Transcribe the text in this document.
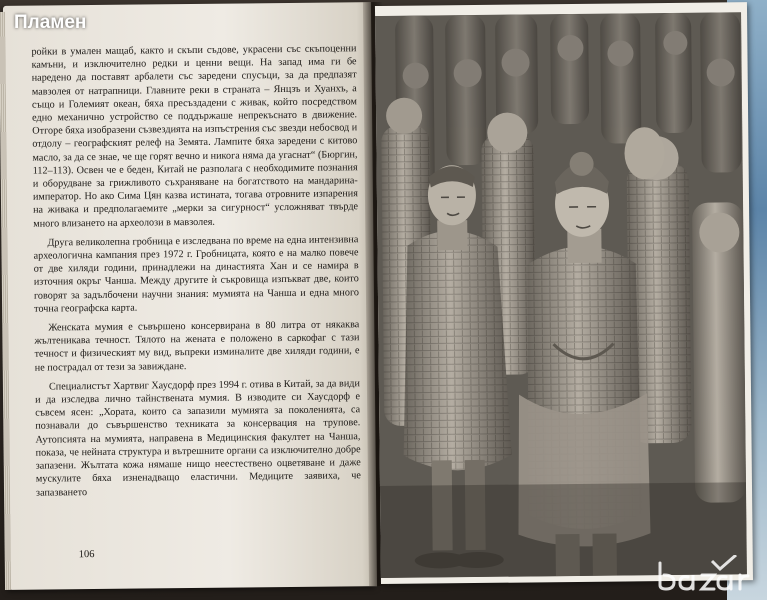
ройки в умален мащаб, както и скъпи съдове, украсени със скъпоценни камъни, и изключително редки и ценни вещи. На запад има ги бе наредено да поставят арбалети със заредени спусъци, за да предпазят мавзолея от натрапници. Главните реки в страната – Янцзъ и Хуанхъ, а също и Големият океан, бяха пресъздадени с живак, който посредством едно механично устройство се поддържаше непрекъснато в движение. Отгоре бяха изобразени съзвездията на изпъстрения със звезди небосвод и отдолу – географският релеф на Земята. Лампите бяха заредени с китово масло, за да се знае, че ще горят вечно и никога няма да угаснат“ (Бюргин, 112–113). Освен че е беден, Китай не разполага с необходимите познания и оборудване за грижливото съхраняване на богатството на мандарина-император. Но ако Сима Цян казва истината, тогава отровните изпарения на живака и предполагаемите „мерки за сигурност“ усложняват твърде много влизането на археолози в мавзолея.

Друга великолепна гробница е изследвана по време на една интензивна археологична кампания през 1972 г. Гробницата, която е на малко повече от две хиляди години, принадлежи на династията Хан и се намира в източния окръг Чанша. Между другите ѝ съкровища изпъкват две, които говорят за задълбочени научни знания: мумията на Чанша и една много точна географска карта.

Женската мумия е съвършено консервирана в 80 литра от някаква жълтеникава течност. Тялото на жената е положено в саркофаг с тази течност и физическият му вид, въпреки изминалите две хиляди години, е не пострадал от тези за завиждане.

Специалистът Хартвиг Хаусдорф през 1994 г. отива в Китай, за да види и да изследва лично тайнствената мумия. В изводите си Хаусдорф е съвсем ясен: „Хората, които са запазили мумията за поколенията, са познавали до съвършенство техниката за консервация на трупове. Аутопсията на мумията, направена в Медицинския факултет на Чанша, показа, че нейната структура и вътрешните органи са изключително добре запазени. Жълтата кожа нямаше нищо неестествено оцветяване и даже мускулите бяха изненадващо еластични. Медиците заявиха, че запазването

106
Пламен
